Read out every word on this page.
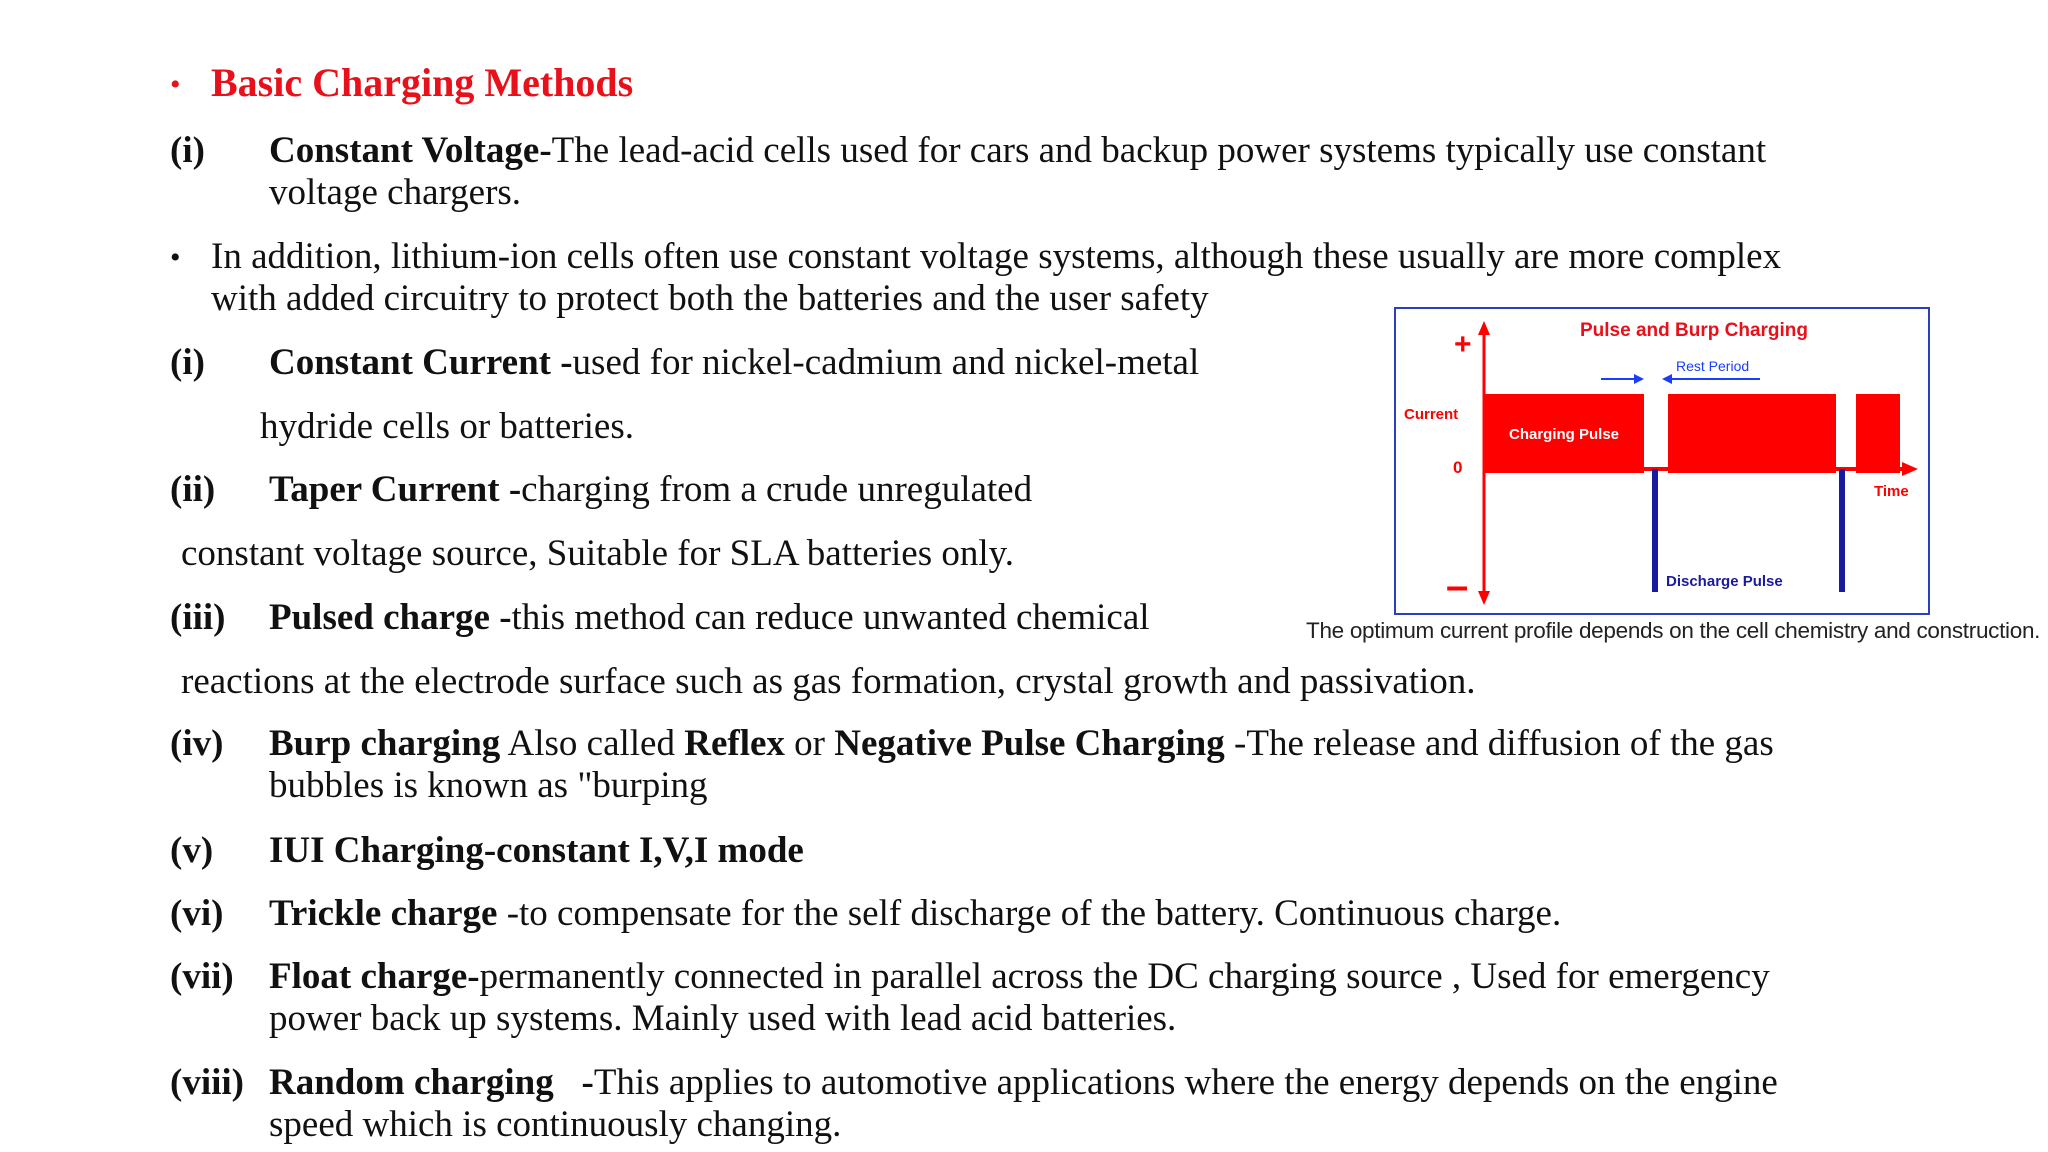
• Basic Charging Methods
(i) Constant Voltage-The lead-acid cells used for cars and backup power systems typically use constant
voltage chargers.
• In addition, lithium-ion cells often use constant voltage systems, although these usually are more complex
with added circuitry to protect both the batteries and the user safety
(i) Constant Current -used for nickel-cadmium and nickel-metal
hydride cells or batteries.
(ii) Taper Current -charging from a crude unregulated
constant voltage source, Suitable for SLA batteries only.
(iii) Pulsed charge -this method can reduce unwanted chemical
reactions at the electrode surface such as gas formation, crystal growth and passivation.
(iv) Burp charging Also called Reflex or Negative Pulse Charging -The release and diffusion of the gas
bubbles is known as "burping
(v) IUI Charging-constant I,V,I mode
(vi) Trickle charge -to compensate for the self discharge of the battery. Continuous charge.
(vii) Float charge-permanently connected in parallel across the DC charging source , Used for emergency
power back up systems. Mainly used with lead acid batteries.
(viii) Random charging -This applies to automotive applications where the energy depends on the engine
speed which is continuously changing.
Pulse and Burp Charging
+
–
Current
0
Time
Charging Pulse
Discharge Pulse
Rest Period
The optimum current profile depends on the cell chemistry and construction.
